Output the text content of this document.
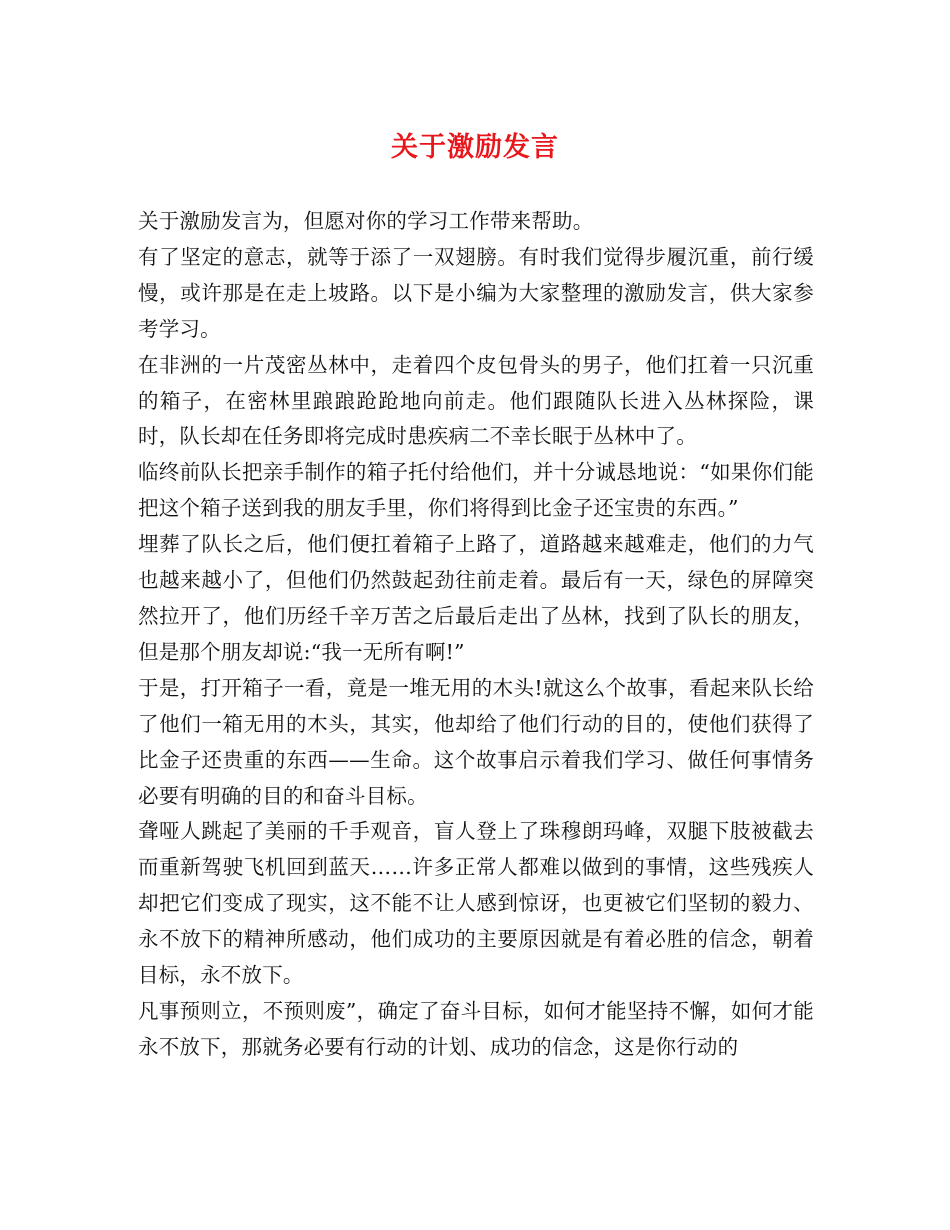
关于激励发言

关于激励发言为，但愿对你的学习工作带来帮助。

有了坚定的意志，就等于添了一双翅膀。有时我们觉得步履沉重，前行缓慢，或许那是在走上坡路。以下是小编为大家整理的激励发言，供大家参考学习。

在非洲的一片茂密丛林中，走着四个皮包骨头的男子，他们扛着一只沉重的箱子，在密林里踉踉跄跄地向前走。他们跟随队长进入丛林探险，课时，队长却在任务即将完成时患疾病二不幸长眠于丛林中了。

临终前队长把亲手制作的箱子托付给他们，并十分诚恳地说：“如果你们能把这个箱子送到我的朋友手里，你们将得到比金子还宝贵的东西。”

埋葬了队长之后，他们便扛着箱子上路了，道路越来越难走，他们的力气也越来越小了，但他们仍然鼓起劲往前走着。最后有一天，绿色的屏障突然拉开了，他们历经千辛万苦之后最后走出了丛林，找到了队长的朋友，但是那个朋友却说:“我一无所有啊!”

于是，打开箱子一看，竟是一堆无用的木头!就这么个故事，看起来队长给了他们一箱无用的木头，其实，他却给了他们行动的目的，使他们获得了比金子还贵重的东西——生命。这个故事启示着我们学习、做任何事情务必要有明确的目的和奋斗目标。

聋哑人跳起了美丽的千手观音，盲人登上了珠穆朗玛峰，双腿下肢被截去而重新驾驶飞机回到蓝天……许多正常人都难以做到的事情，这些残疾人却把它们变成了现实，这不能不让人感到惊讶，也更被它们坚韧的毅力、永不放下的精神所感动，他们成功的主要原因就是有着必胜的信念，朝着目标，永不放下。

凡事预则立，不预则废”，确定了奋斗目标，如何才能坚持不懈，如何才能永不放下，那就务必要有行动的计划、成功的信念，这是你行动的
